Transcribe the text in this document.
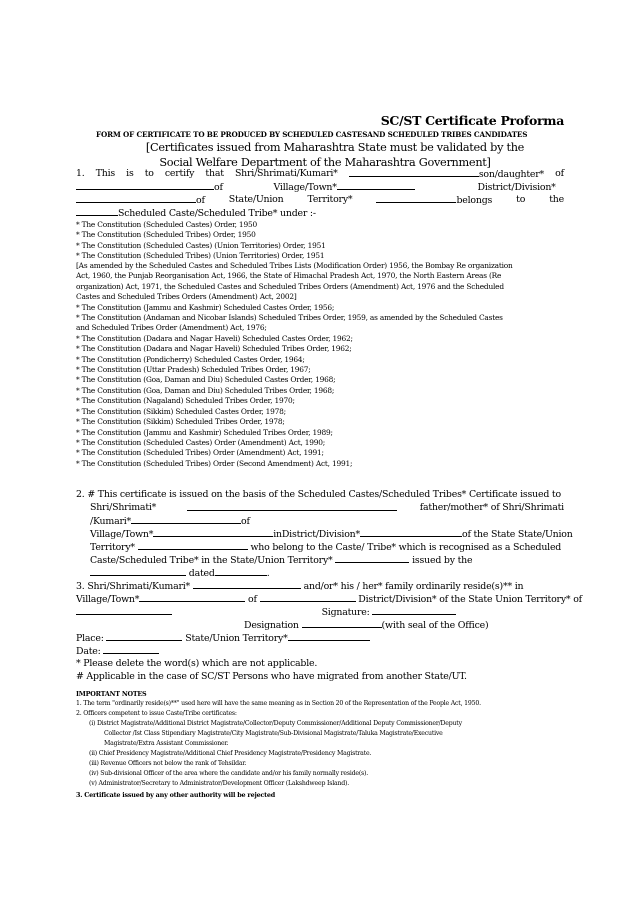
SC/ST Certificate Proforma
FORM OF CERTIFICATE TO BE PRODUCED BY SCHEDULED CASTESAND SCHEDULED TRIBES CANDIDATES
[Certificates issued from Maharashtra State must be validated by the
Social Welfare Department of the Maharashtra Government]
1. This is to certify that Shri/Shrimati/Kumari*	son/daughter* of
of	Village/Town*	District/Division*
of	State/Union	Territory*	belongs	to	the
Scheduled Caste/Scheduled Tribe* under :-
* The Constitution (Scheduled Castes) Order, 1950
* The Constitution (Scheduled Tribes) Order, 1950
* The Constitution (Scheduled Castes) (Union Territories) Order, 1951
* The Constitution (Scheduled Tribes) (Union Territories) Order, 1951
[As amended by the Scheduled Castes and Scheduled Tribes Lists (Modification Order) 1956, the Bombay Re organization
Act, 1960, the Punjab Reorganisation Act, 1966, the State of Himachal Pradesh Act, 1970, the North Eastern Areas (Re
organization) Act, 1971, the Scheduled Castes and Scheduled Tribes Orders (Amendment) Act, 1976 and the Scheduled
Castes and Scheduled Tribes Orders (Amendment) Act, 2002]
* The Constitution (Jammu and Kashmir) Scheduled Castes Order, 1956;
* The Constitution (Andaman and Nicobar Islands) Scheduled Tribes Order, 1959, as amended by the Scheduled Castes
and Scheduled Tribes Order (Amendment) Act, 1976;
* The Constitution (Dadara and Nagar Haveli) Scheduled Castes Order, 1962;
* The Constitution (Dadara and Nagar Haveli) Scheduled Tribes Order, 1962;
* The Constitution (Pondicherry) Scheduled Castes Order, 1964;
* The Constitution (Uttar Pradesh) Scheduled Tribes Order, 1967;
* The Constitution (Goa, Daman and Diu) Scheduled Castes Order, 1968;
* The Constitution (Goa, Daman and Diu) Scheduled Tribes Order, 1968;
* The Constitution (Nagaland) Scheduled Tribes Order, 1970;
* The Constitution (Sikkim) Scheduled Castes Order, 1978;
* The Constitution (Sikkim) Scheduled Tribes Order, 1978;
* The Constitution (Jammu and Kashmir) Scheduled Tribes Order, 1989;
* The Constitution (Scheduled Castes) Order (Amendment) Act, 1990;
* The Constitution (Scheduled Tribes) Order (Amendment) Act, 1991;
* The Constitution (Scheduled Tribes) Order (Second Amendment) Act, 1991;
2. # This certificate is issued on the basis of the Scheduled Castes/Scheduled Tribes* Certificate issued to
Shri/Shrimati*	father/mother* of Shri/Shrimati
/Kumari*	of
Village/Town*	inDistrict/Division*	of the State State/Union
Territory*	who belong to the Caste/ Tribe* which is recognised as a Scheduled
Caste/Scheduled Tribe* in the State/Union Territory*	issued by the
dated	.
3. Shri/Shrimati/Kumari*	and/or* his / her* family ordinarily reside(s)** in
Village/Town*	of	District/Division* of the State Union Territory* of
Signature:
Designation	(with seal of the Office)
Place:	State/Union Territory*
Date:
* Please delete the word(s) which are not applicable.
# Applicable in the case of SC/ST Persons who have migrated from another State/UT.
IMPORTANT NOTES
1. The term "ordinarily reside(s)**" used here will have the same meaning as in Section 20 of the Representation of the People Act, 1950.
2. Officers competent to issue Caste/Tribe certificates:
(i) District Magistrate/Additional District Magistrate/Collector/Deputy Commissioner/Additional Deputy Commissioner/Deputy
Collector /Ist Class Stipendiary Magistrate/City Magistrate/Sub-Divisional Magistrate/Taluka Magistrate/Executive
Magistrate/Extra Assistant Commissioner.
(ii) Chief Presidency Magistrate/Additional Chief Presidency Magistrate/Presidency Magistrate.
(iii) Revenue Officers not below the rank of Tehsildar.
(iv) Sub-divisional Officer of the area where the candidate and/or his family normally reside(s).
(v) Administrator/Secretary to Administrator/Development Officer (Lakshdweep Island).
3. Certificate issued by any other authority will be rejected
